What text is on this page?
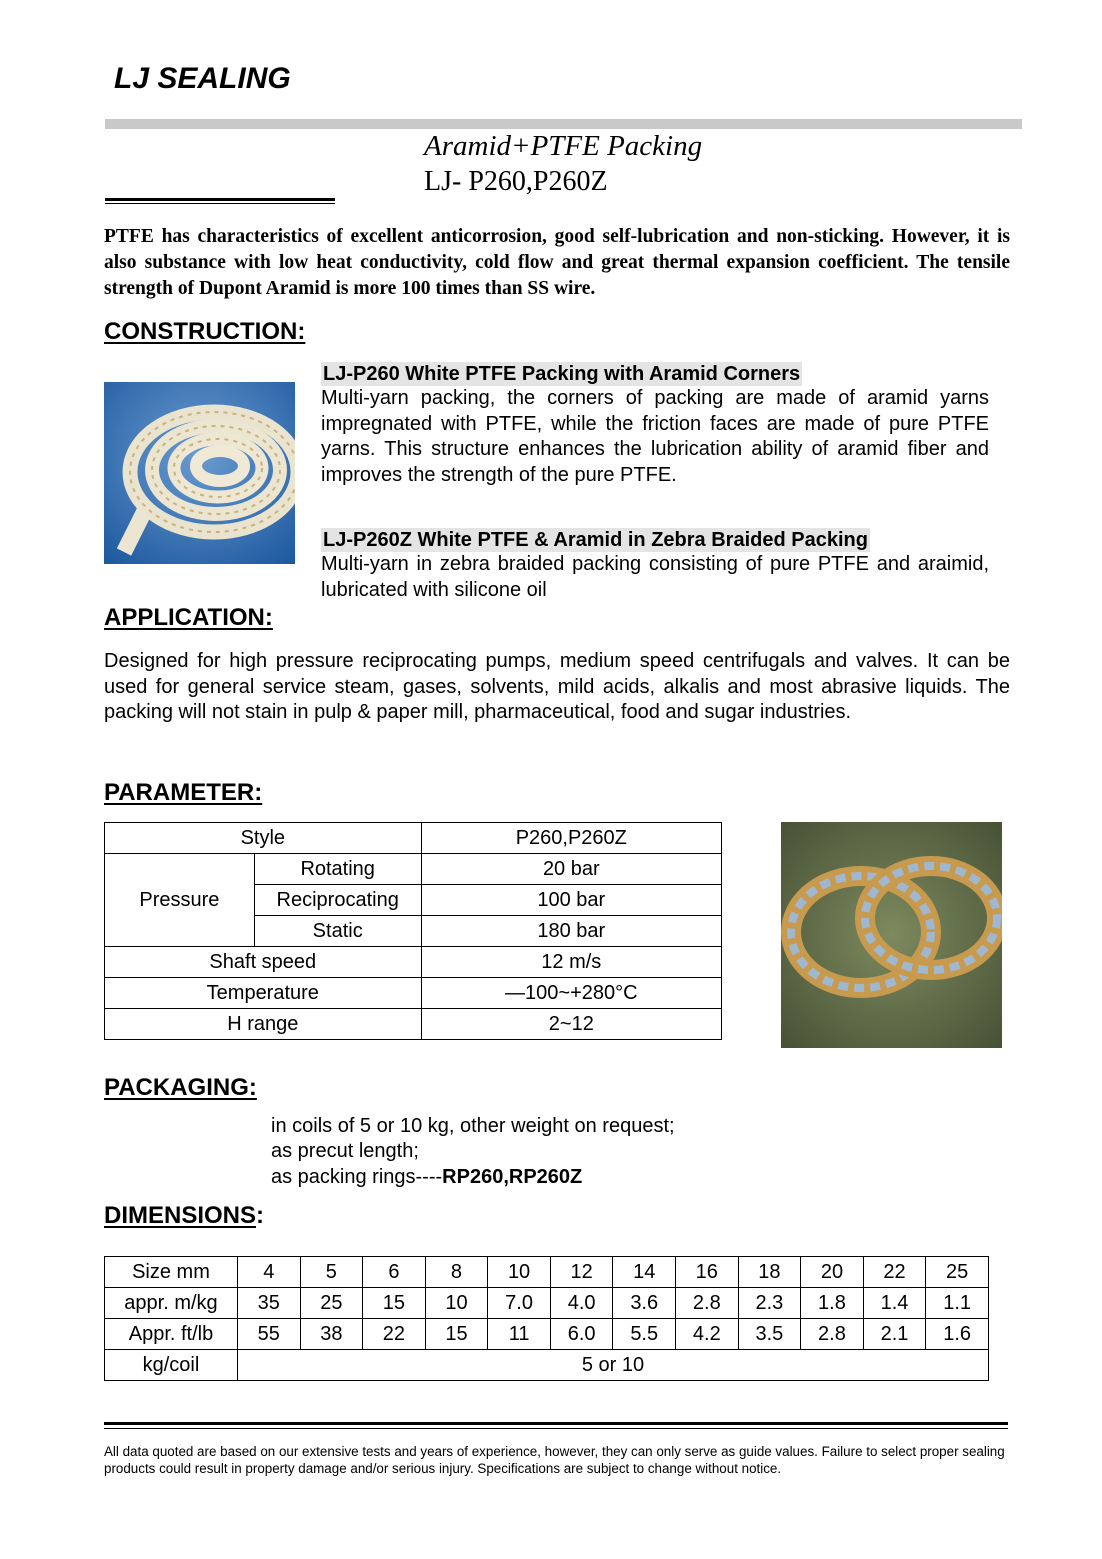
LJ SEALING
Aramid+PTFE Packing
LJ- P260,P260Z
PTFE has characteristics of excellent anticorrosion, good self-lubrication and non-sticking. However, it is also substance with low heat conductivity, cold flow and great thermal expansion coefficient. The tensile strength of Dupont Aramid is more 100 times than SS wire.
CONSTRUCTION:
LJ-P260 White PTFE Packing with Aramid Corners
Multi-yarn packing, the corners of packing are made of aramid yarns impregnated with PTFE, while the friction faces are made of pure PTFE yarns. This structure enhances the lubrication ability of aramid fiber and improves the strength of the pure PTFE.
LJ-P260Z White PTFE & Aramid in Zebra Braided Packing
Multi-yarn in zebra braided packing consisting of pure PTFE and araimid, lubricated with silicone oil
APPLICATION:
Designed for high pressure reciprocating pumps, medium speed centrifugals and valves. It can be used for general service steam, gases, solvents, mild acids, alkalis and most abrasive liquids. The packing will not stain in pulp & paper mill, pharmaceutical, food and sugar industries.
PARAMETER:
Style		P260,P260Z
Pressure	Rotating	20 bar
	Reciprocating	100 bar
	Static	180 bar
Shaft speed		12 m/s
Temperature		—100~+280°C
H range		2~12
PACKAGING:
in coils of 5 or 10 kg, other weight on request;
as precut length;
as packing rings----RP260,RP260Z
DIMENSIONS:
Size mm	4	5	6	8	10	12	14	16	18	20	22	25
appr. m/kg	35	25	15	10	7.0	4.0	3.6	2.8	2.3	1.8	1.4	1.1
Appr. ft/lb	55	38	22	15	11	6.0	5.5	4.2	3.5	2.8	2.1	1.6
kg/coil	5 or 10											
All data quoted are based on our extensive tests and years of experience, however, they can only serve as guide values. Failure to select proper sealing products could result in property damage and/or serious injury. Specifications are subject to change without notice.
